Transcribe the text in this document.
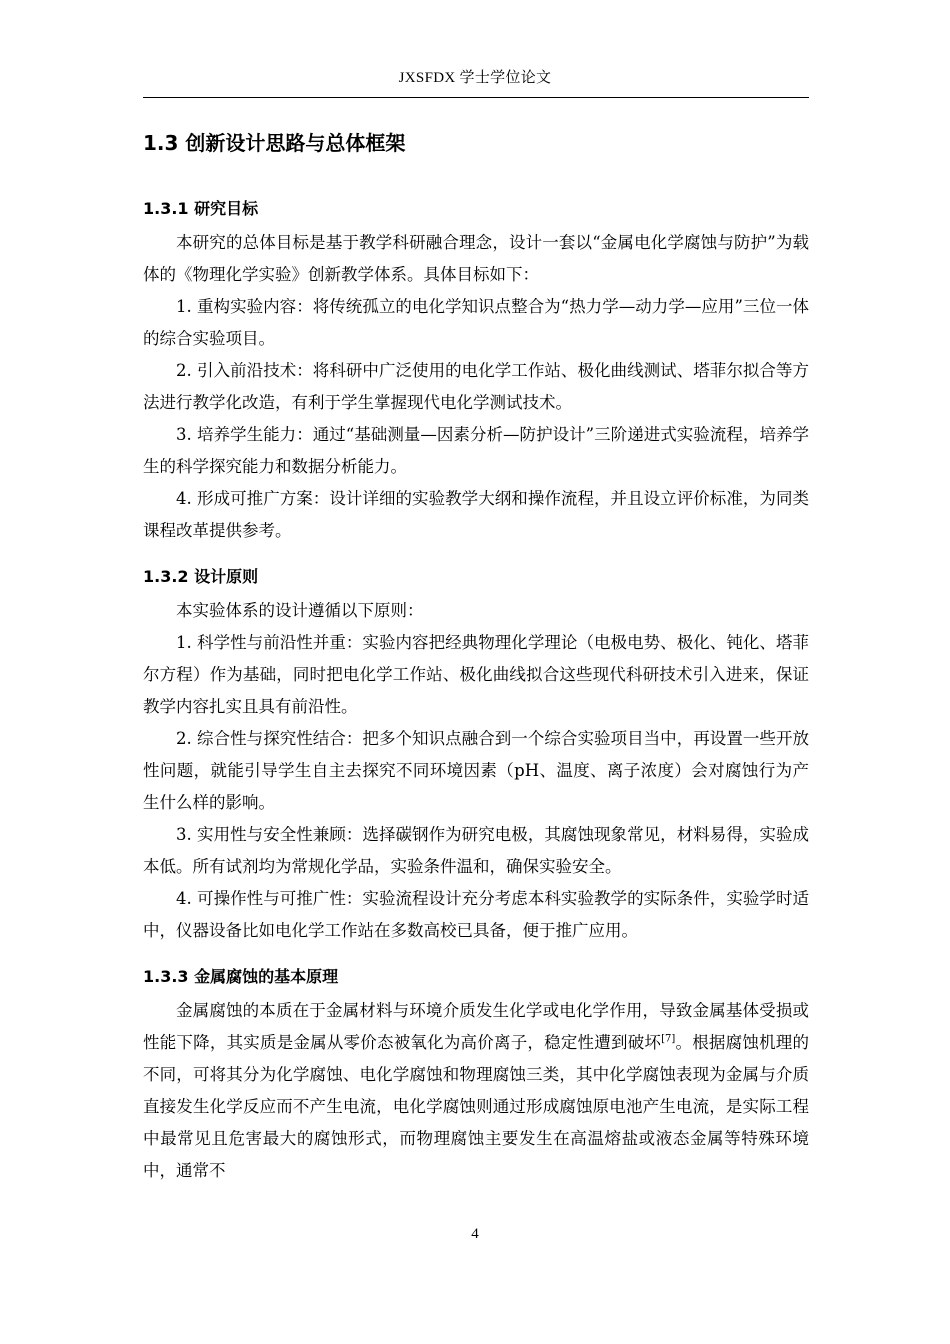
JXSFDX 学士学位论文
1.3 创新设计思路与总体框架
1.3.1 研究目标

本研究的总体目标是基于教学科研融合理念，设计一套以“金属电化学腐蚀与防护”为载体的《物理化学实验》创新教学体系。具体目标如下：

1. 重构实验内容：将传统孤立的电化学知识点整合为“热力学—动力学—应用”三位一体的综合实验项目。

2. 引入前沿技术：将科研中广泛使用的电化学工作站、极化曲线测试、塔菲尔拟合等方法进行教学化改造，有利于学生掌握现代电化学测试技术。

3. 培养学生能力：通过“基础测量—因素分析—防护设计”三阶递进式实验流程，培养学生的科学探究能力和数据分析能力。

4. 形成可推广方案：设计详细的实验教学大纲和操作流程，并且设立评价标准，为同类课程改革提供参考。

1.3.2 设计原则

本实验体系的设计遵循以下原则：

1. 科学性与前沿性并重：实验内容把经典物理化学理论（电极电势、极化、钝化、塔菲尔方程）作为基础，同时把电化学工作站、极化曲线拟合这些现代科研技术引入进来，保证教学内容扎实且具有前沿性。

2. 综合性与探究性结合：把多个知识点融合到一个综合实验项目当中，再设置一些开放性问题，就能引导学生自主去探究不同环境因素（pH、温度、离子浓度）会对腐蚀行为产生什么样的影响。

3. 实用性与安全性兼顾：选择碳钢作为研究电极，其腐蚀现象常见，材料易得，实验成本低。所有试剂均为常规化学品，实验条件温和，确保实验安全。

4. 可操作性与可推广性：实验流程设计充分考虑本科实验教学的实际条件，实验学时适中，仪器设备比如电化学工作站在多数高校已具备，便于推广应用。

1.3.3 金属腐蚀的基本原理

金属腐蚀的本质在于金属材料与环境介质发生化学或电化学作用，导致金属基体受损或性能下降，其实质是金属从零价态被氧化为高价离子，稳定性遭到破坏[7]。根据腐蚀机理的不同，可将其分为化学腐蚀、电化学腐蚀和物理腐蚀三类，其中化学腐蚀表现为金属与介质直接发生化学反应而不产生电流，电化学腐蚀则通过形成腐蚀原电池产生电流，是实际工程中最常见且危害最大的腐蚀形式，而物理腐蚀主要发生在高温熔盐或液态金属等特殊环境中，通常不

4
